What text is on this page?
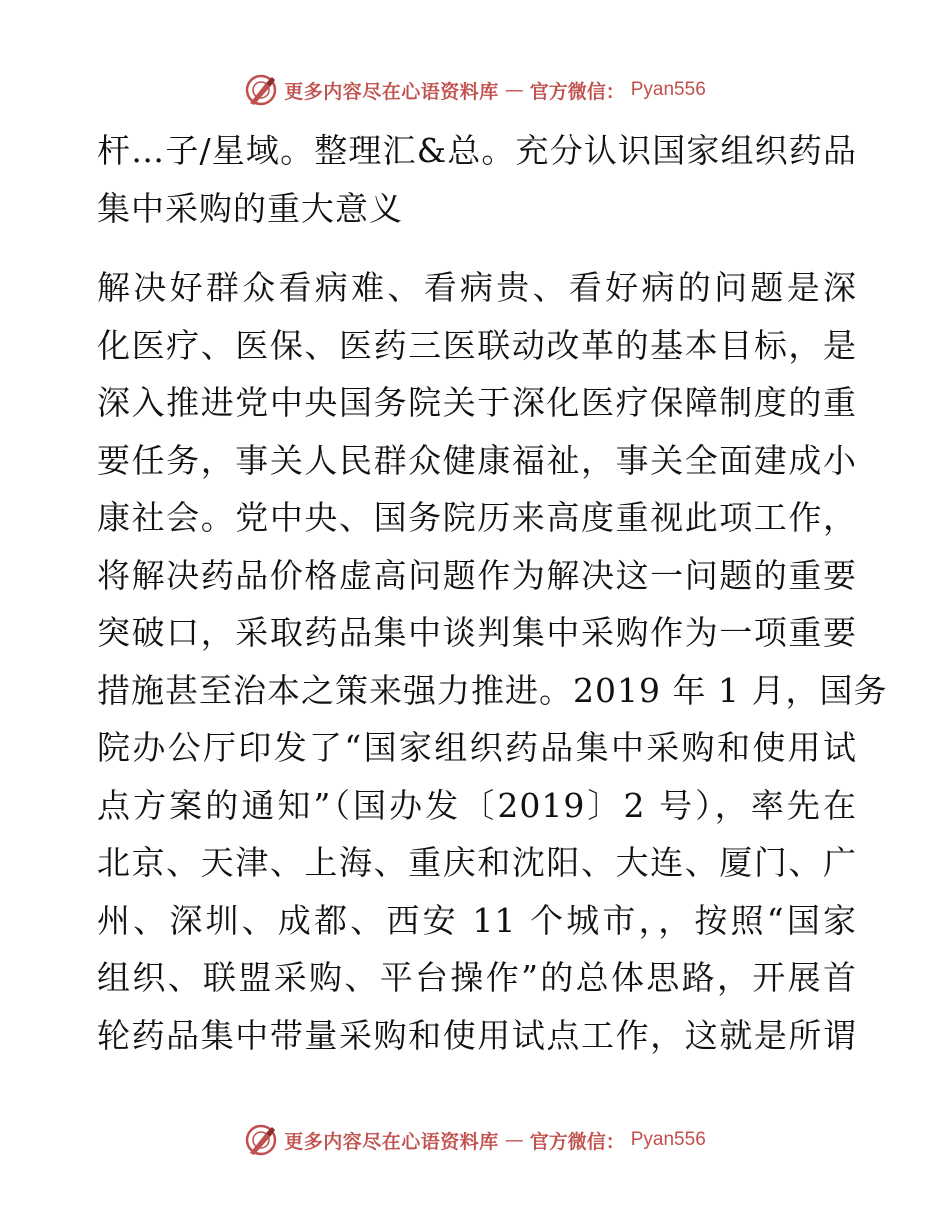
更多内容尽在心语资料库 — 官方微信： Pyan556
杆…子/星域。整理汇&总。充分认识国家组织药品
集中采购的重大意义
解决好群众看病难、看病贵、看好病的问题是深
化医疗、医保、医药三医联动改革的基本目标，是
深入推进党中央国务院关于深化医疗保障制度的重
要任务，事关人民群众健康福祉，事关全面建成小
康社会。党中央、国务院历来高度重视此项工作，
将解决药品价格虚高问题作为解决这一问题的重要
突破口，采取药品集中谈判集中采购作为一项重要
措施甚至治本之策来强力推进。2019 年 1 月，国务
院办公厅印发了“国家组织药品集中采购和使用试
点方案的通知”（国办发〔2019〕2 号），率先在
北京、天津、上海、重庆和沈阳、大连、厦门、广
州、深圳、成都、西安 11 个城市，，按照“国家
组织、联盟采购、平台操作”的总体思路，开展首
轮药品集中带量采购和使用试点工作，这就是所谓
更多内容尽在心语资料库 — 官方微信： Pyan556
